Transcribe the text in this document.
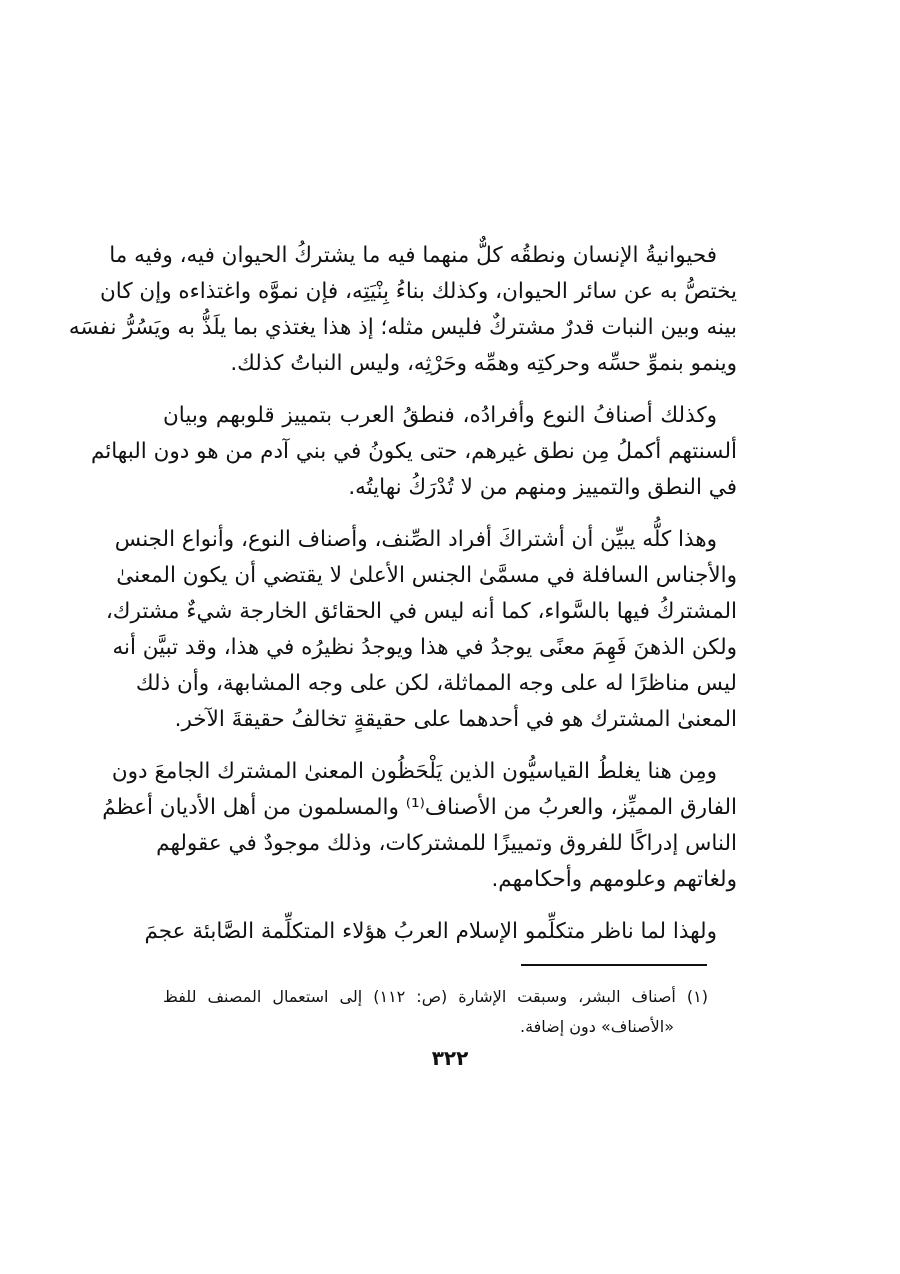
فحيوانيةُ الإنسان ونطقُه كلٌّ منهما فيه ما يشتركُ الحيوان فيه، وفيه ما
يختصُّ به عن سائر الحيوان، وكذلك بناءُ بِنْيَتِه، فإن نموَّه واغتذاءه وإن كان
بينه وبين النبات قدرٌ مشتركٌ فليس مثله؛ إذ هذا يغتذي بما يلَذُّ به ويَسُرُّ نفسَه
وينمو بنموِّ حسِّه وحركتِه وهمِّه وحَرْثِه، وليس النباتُ كذلك.

وكذلك أصنافُ النوع وأفرادُه، فنطقُ العرب بتمييز قلوبهم وبيان
ألسنتهم أكملُ مِن نطق غيرهم، حتى يكونُ في بني آدم من هو دون البهائم
في النطق والتمييز ومنهم من لا تُدْرَكُ نهايتُه.

وهذا كلُّه يبيِّن أن أشتراكَ أفراد الصِّنف، وأصناف النوع، وأنواع الجنس
والأجناس السافلة في مسمَّىٰ الجنس الأعلىٰ لا يقتضي أن يكون المعنىٰ
المشتركُ فيها بالسَّواء، كما أنه ليس في الحقائق الخارجة شيءٌ مشترك،
ولكن الذهنَ فَهِمَ معنًى يوجدُ في هذا ويوجدُ نظيرُه في هذا، وقد تبيَّن أنه
ليس مناظرًا له على وجه المماثلة، لكن على وجه المشابهة، وأن ذلك
المعنىٰ المشترك هو في أحدهما على حقيقةٍ تخالفُ حقيقةَ الآخر.

ومِن هنا يغلطُ القياسيُّون الذين يَلْحَظُون المعنىٰ المشترك الجامعَ دون
الفارق المميِّز، والعربُ من الأصناف⁽¹⁾ والمسلمون من أهل الأديان أعظمُ
الناس إدراكًا للفروق وتمييزًا للمشتركات، وذلك موجودٌ في عقولهم
ولغاتهم وعلومهم وأحكامهم.

ولهذا لما ناظر متكلِّمو الإسلام العربُ هؤلاء المتكلِّمة الصَّابئة عجمَ

(١) أصناف البشر، وسبقت الإشارة (ص: ١١٢) إلى استعمال المصنف للفظ
«الأصناف» دون إضافة.
٣٢٢
